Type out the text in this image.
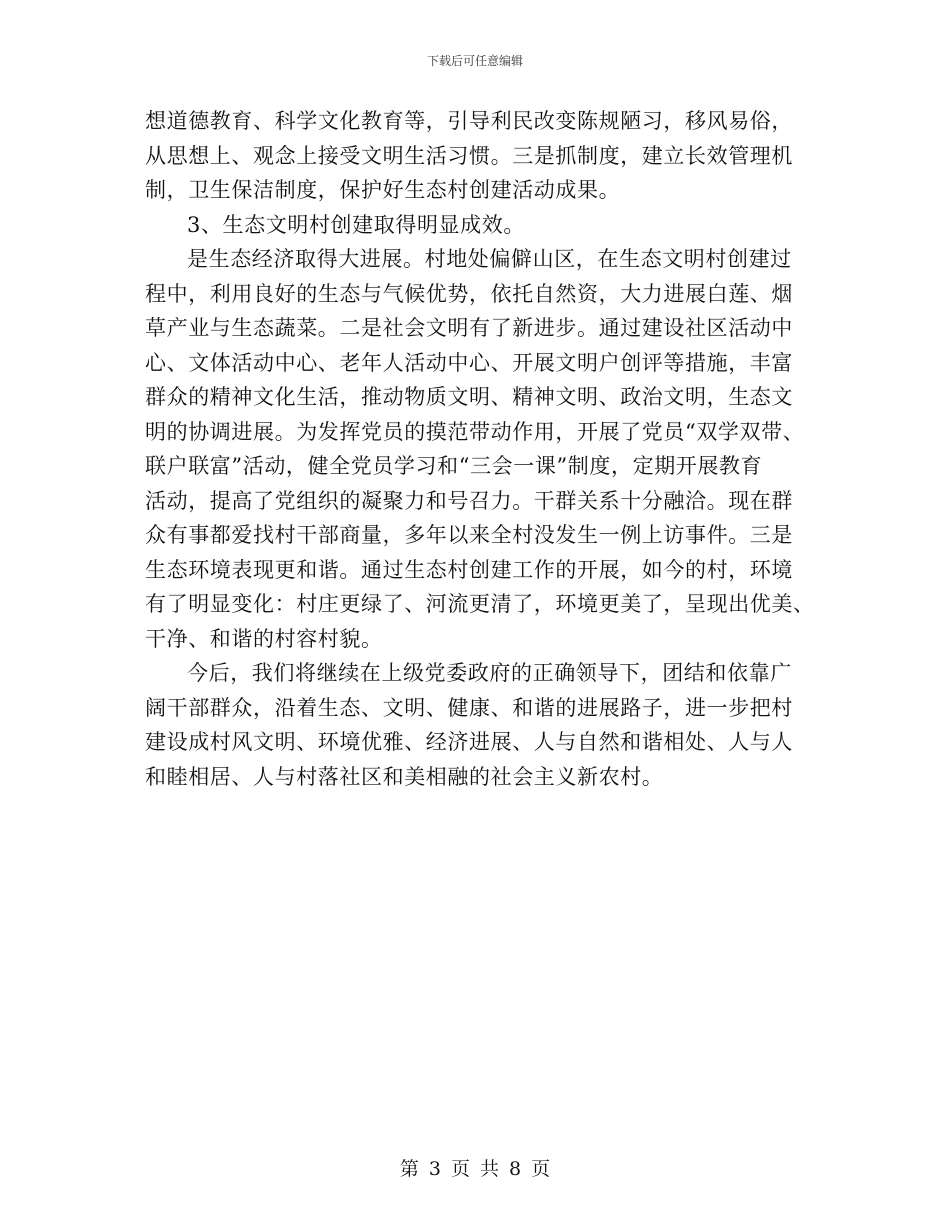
下载后可任意编辑
想道德教育、科学文化教育等，引导利民改变陈规陋习，移风易俗，
从思想上、观念上接受文明生活习惯。三是抓制度，建立长效管理机
制，卫生保洁制度，保护好生态村创建活动成果。
3、生态文明村创建取得明显成效。
是生态经济取得大进展。村地处偏僻山区，在生态文明村创建过
程中，利用良好的生态与气候优势，依托自然资，大力进展白莲、烟
草产业与生态蔬菜。二是社会文明有了新进步。通过建设社区活动中
心、文体活动中心、老年人活动中心、开展文明户创评等措施，丰富
群众的精神文化生活，推动物质文明、精神文明、政治文明，生态文
明的协调进展。为发挥党员的摸范带动作用，开展了党员“双学双带、
联户联富”活动，健全党员学习和“三会一课”制度，定期开展教育
活动，提高了党组织的凝聚力和号召力。干群关系十分融洽。现在群
众有事都爱找村干部商量，多年以来全村没发生一例上访事件。三是
生态环境表现更和谐。通过生态村创建工作的开展，如今的村，环境
有了明显变化：村庄更绿了、河流更清了，环境更美了，呈现出优美、
干净、和谐的村容村貌。
今后，我们将继续在上级党委政府的正确领导下，团结和依靠广
阔干部群众，沿着生态、文明、健康、和谐的进展路子，进一步把村
建设成村风文明、环境优雅、经济进展、人与自然和谐相处、人与人
和睦相居、人与村落社区和美相融的社会主义新农村。
第 3 页 共 8 页
